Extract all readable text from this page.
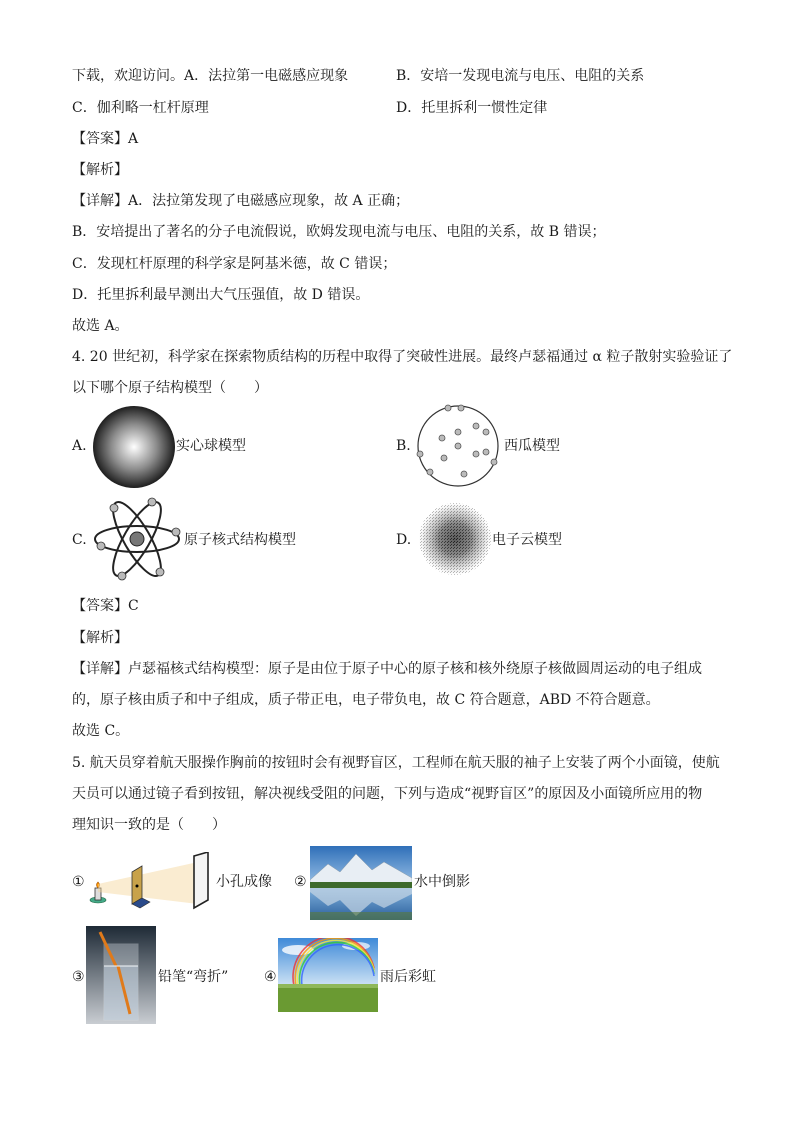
下载，欢迎访问。A．法拉第一电磁感应现象	B．安培一发现电流与电压、电阻的关系
C．伽利略一杠杆原理	D．托里拆利一惯性定律
【答案】A
【解析】
【详解】A．法拉第发现了电磁感应现象，故 A 正确；
B．安培提出了著名的分子电流假说，欧姆发现电流与电压、电阻的关系，故 B 错误；
C．发现杠杆原理的科学家是阿基米德，故 C 错误；
D．托里拆利最早测出大气压强值，故 D 错误。
故选 A。
4. 20 世纪初，科学家在探索物质结构的历程中取得了突破性进展。最终卢瑟福通过 α 粒子散射实验验证了
以下哪个原子结构模型（　　）
A.	实心球模型	B.	西瓜模型
C.	原子核式结构模型	D.	电子云模型
【答案】C
【解析】
【详解】卢瑟福核式结构模型：原子是由位于原子中心的原子核和核外绕原子核做圆周运动的电子组成
的，原子核由质子和中子组成，质子带正电，电子带负电，故 C 符合题意，ABD 不符合题意。
故选 C。
5. 航天员穿着航天服操作胸前的按钮时会有视野盲区，工程师在航天服的袖子上安装了两个小面镜，使航
天员可以通过镜子看到按钮，解决视线受阻的问题，下列与造成“视野盲区”的原因及小面镜所应用的物
理知识一致的是（　　）
①	小孔成像 ②	水中倒影
③	铅笔“弯折”	④	雨后彩虹
